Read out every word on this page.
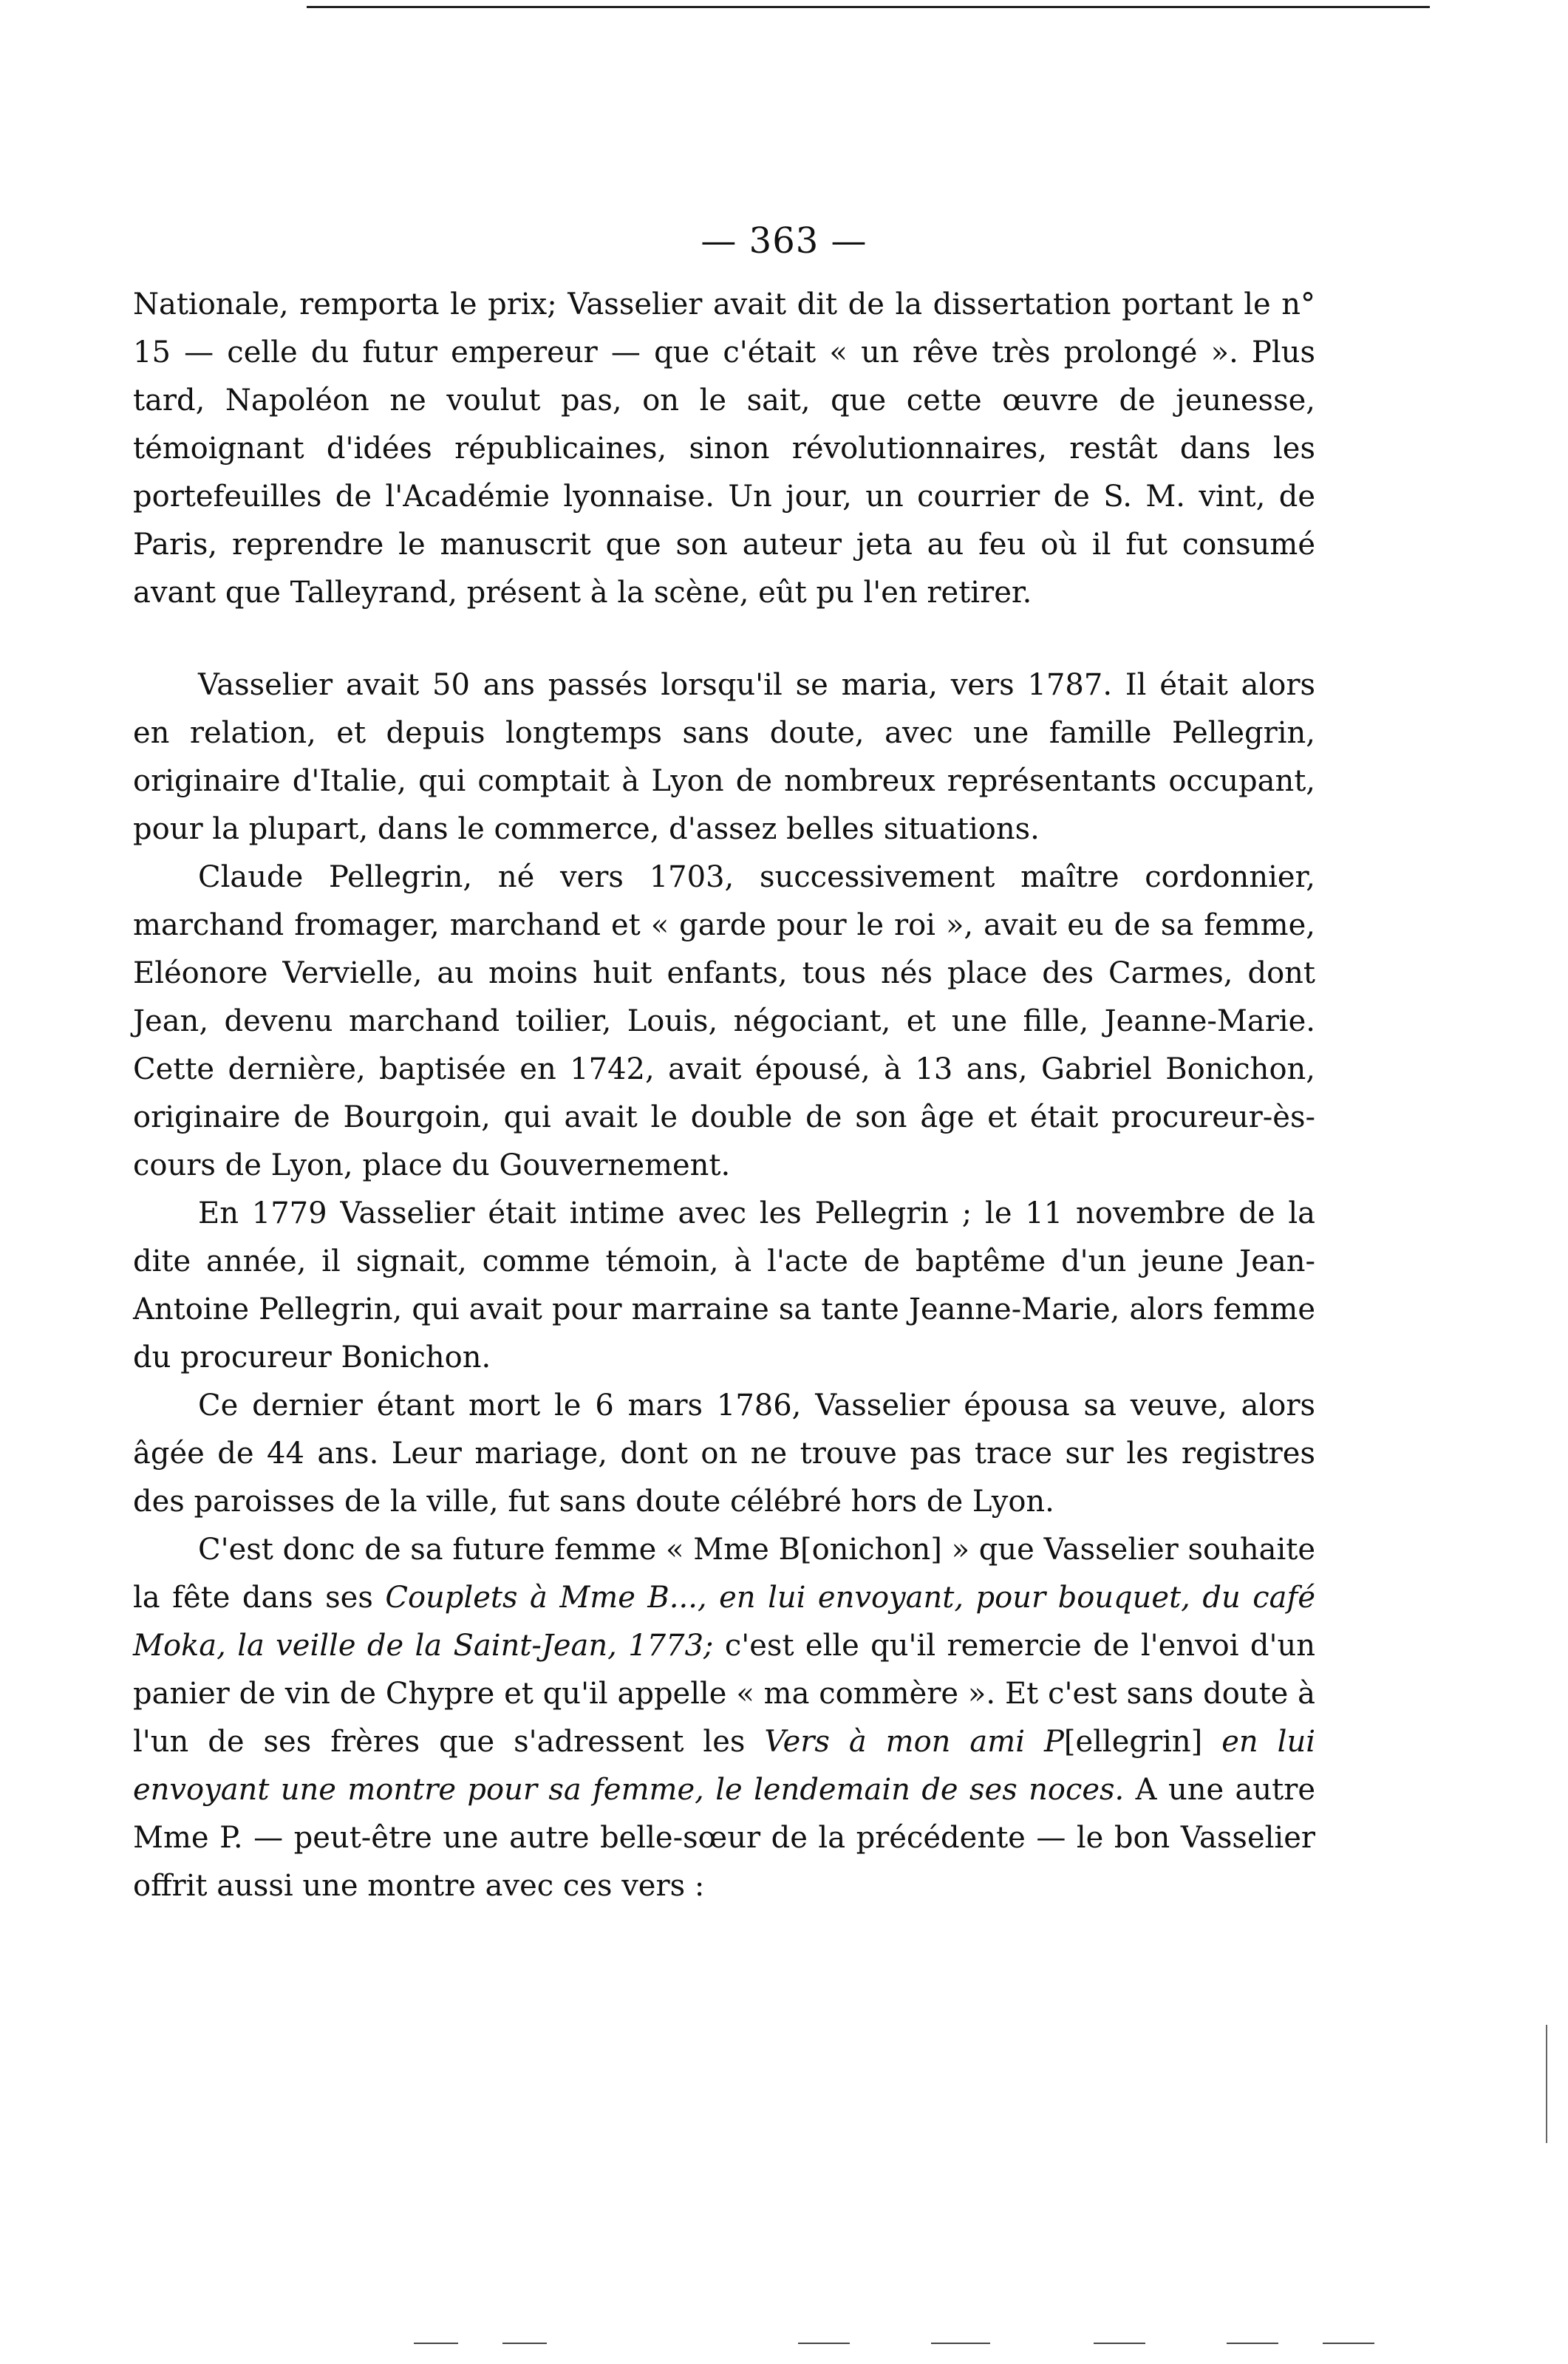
— 363 —

Nationale, remporta le prix; Vasselier avait dit de la dissertation portant le n° 15 — celle du futur empereur — que c'était « un rêve très prolongé ». Plus tard, Napoléon ne voulut pas, on le sait, que cette œuvre de jeunesse, témoignant d'idées républicaines, sinon révolutionnaires, restât dans les portefeuilles de l'Académie lyonnaise. Un jour, un courrier de S. M. vint, de Paris, reprendre le manuscrit que son auteur jeta au feu où il fut consumé avant que Talleyrand, présent à la scène, eût pu l'en retirer.

Vasselier avait 50 ans passés lorsqu'il se maria, vers 1787. Il était alors en relation, et depuis longtemps sans doute, avec une famille Pellegrin, originaire d'Italie, qui comptait à Lyon de nombreux représentants occupant, pour la plupart, dans le commerce, d'assez belles situations.

Claude Pellegrin, né vers 1703, successivement maître cordonnier, marchand fromager, marchand et « garde pour le roi », avait eu de sa femme, Eléonore Vervielle, au moins huit enfants, tous nés place des Carmes, dont Jean, devenu marchand toilier, Louis, négociant, et une fille, Jeanne-Marie. Cette dernière, baptisée en 1742, avait épousé, à 13 ans, Gabriel Bonichon, originaire de Bourgoin, qui avait le double de son âge et était procureur-ès-cours de Lyon, place du Gouvernement.

En 1779 Vasselier était intime avec les Pellegrin ; le 11 novembre de la dite année, il signait, comme témoin, à l'acte de baptême d'un jeune Jean-Antoine Pellegrin, qui avait pour marraine sa tante Jeanne-Marie, alors femme du procureur Bonichon.

Ce dernier étant mort le 6 mars 1786, Vasselier épousa sa veuve, alors âgée de 44 ans. Leur mariage, dont on ne trouve pas trace sur les registres des paroisses de la ville, fut sans doute célébré hors de Lyon.

C'est donc de sa future femme « Mme B[onichon] » que Vasselier souhaite la fête dans ses Couplets à Mme B..., en lui envoyant, pour bouquet, du café Moka, la veille de la Saint-Jean, 1773; c'est elle qu'il remercie de l'envoi d'un panier de vin de Chypre et qu'il appelle « ma commère ». Et c'est sans doute à l'un de ses frères que s'adressent les Vers à mon ami P[ellegrin] en lui envoyant une montre pour sa femme, le lendemain de ses noces. A une autre Mme P. — peut-être une autre belle-sœur de la précédente — le bon Vasselier offrit aussi une montre avec ces vers :
